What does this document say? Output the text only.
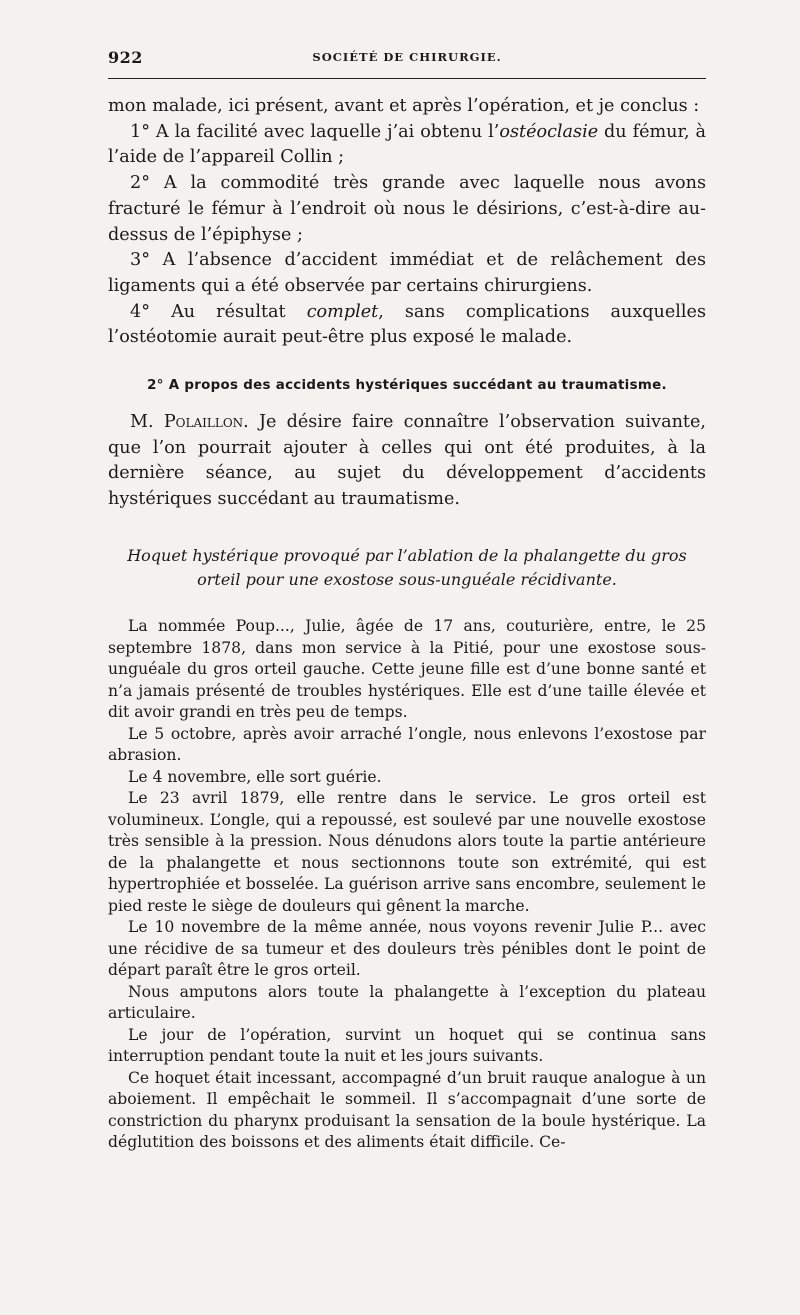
922	SOCIÉTÉ DE CHIRURGIE.

mon malade, ici présent, avant et après l’opération, et je conclus :

1° A la facilité avec laquelle j’ai obtenu l’ostéoclasie du fémur, à l’aide de l’appareil Collin ;

2° A la commodité très grande avec laquelle nous avons fracturé le fémur à l’endroit où nous le désirions, c’est-à-dire au-dessus de l’épiphyse ;

3° A l’absence d’accident immédiat et de relâchement des ligaments qui a été observée par certains chirurgiens.

4° Au résultat complet, sans complications auxquelles l’ostéotomie aurait peut-être plus exposé le malade.

2° A propos des accidents hystériques succédant au traumatisme.

M. Polaillon. Je désire faire connaître l’observation suivante, que l’on pourrait ajouter à celles qui ont été produites, à la dernière séance, au sujet du développement d’accidents hystériques succédant au traumatisme.

Hoquet hystérique provoqué par l’ablation de la phalangette du gros orteil pour une exostose sous-unguéale récidivante.

La nommée Poup..., Julie, âgée de 17 ans, couturière, entre, le 25 septembre 1878, dans mon service à la Pitié, pour une exostose sous-unguéale du gros orteil gauche. Cette jeune fille est d’une bonne santé et n’a jamais présenté de troubles hystériques. Elle est d’une taille élevée et dit avoir grandi en très peu de temps.

Le 5 octobre, après avoir arraché l’ongle, nous enlevons l’exostose par abrasion.

Le 4 novembre, elle sort guérie.

Le 23 avril 1879, elle rentre dans le service. Le gros orteil est volumineux. L’ongle, qui a repoussé, est soulevé par une nouvelle exostose très sensible à la pression. Nous dénudons alors toute la partie antérieure de la phalangette et nous sectionnons toute son extrémité, qui est hypertrophiée et bosselée. La guérison arrive sans encombre, seulement le pied reste le siège de douleurs qui gênent la marche.

Le 10 novembre de la même année, nous voyons revenir Julie P... avec une récidive de sa tumeur et des douleurs très pénibles dont le point de départ paraît être le gros orteil.

Nous amputons alors toute la phalangette à l’exception du plateau articulaire.

Le jour de l’opération, survint un hoquet qui se continua sans interruption pendant toute la nuit et les jours suivants.

Ce hoquet était incessant, accompagné d’un bruit rauque analogue à un aboiement. Il empêchait le sommeil. Il s’accompagnait d’une sorte de constriction du pharynx produisant la sensation de la boule hystérique. La déglutition des boissons et des aliments était difficile. Ce-
